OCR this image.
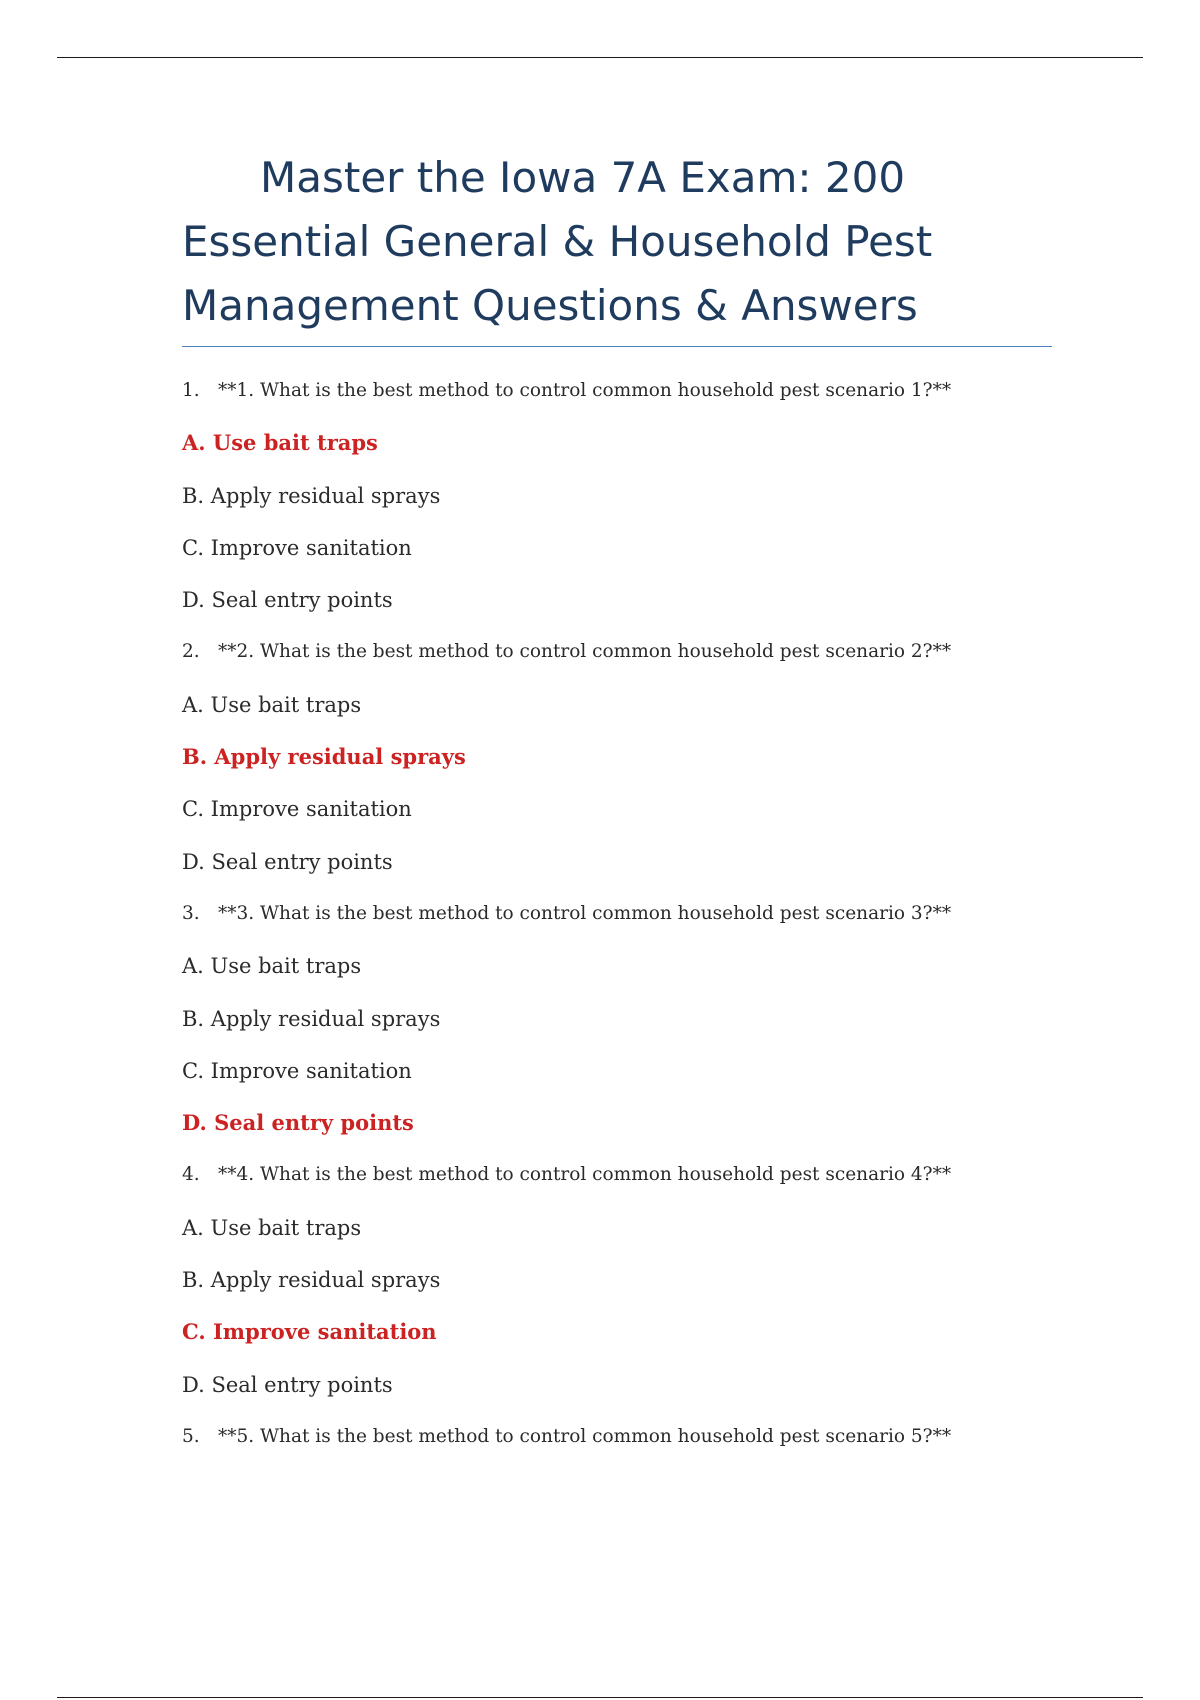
Master the Iowa 7A Exam: 200
Essential General & Household Pest
Management Questions & Answers
1. **1. What is the best method to control common household pest scenario 1?**
A. Use bait traps
B. Apply residual sprays
C. Improve sanitation
D. Seal entry points
2. **2. What is the best method to control common household pest scenario 2?**
A. Use bait traps
B. Apply residual sprays
C. Improve sanitation
D. Seal entry points
3. **3. What is the best method to control common household pest scenario 3?**
A. Use bait traps
B. Apply residual sprays
C. Improve sanitation
D. Seal entry points
4. **4. What is the best method to control common household pest scenario 4?**
A. Use bait traps
B. Apply residual sprays
C. Improve sanitation
D. Seal entry points
5. **5. What is the best method to control common household pest scenario 5?**
